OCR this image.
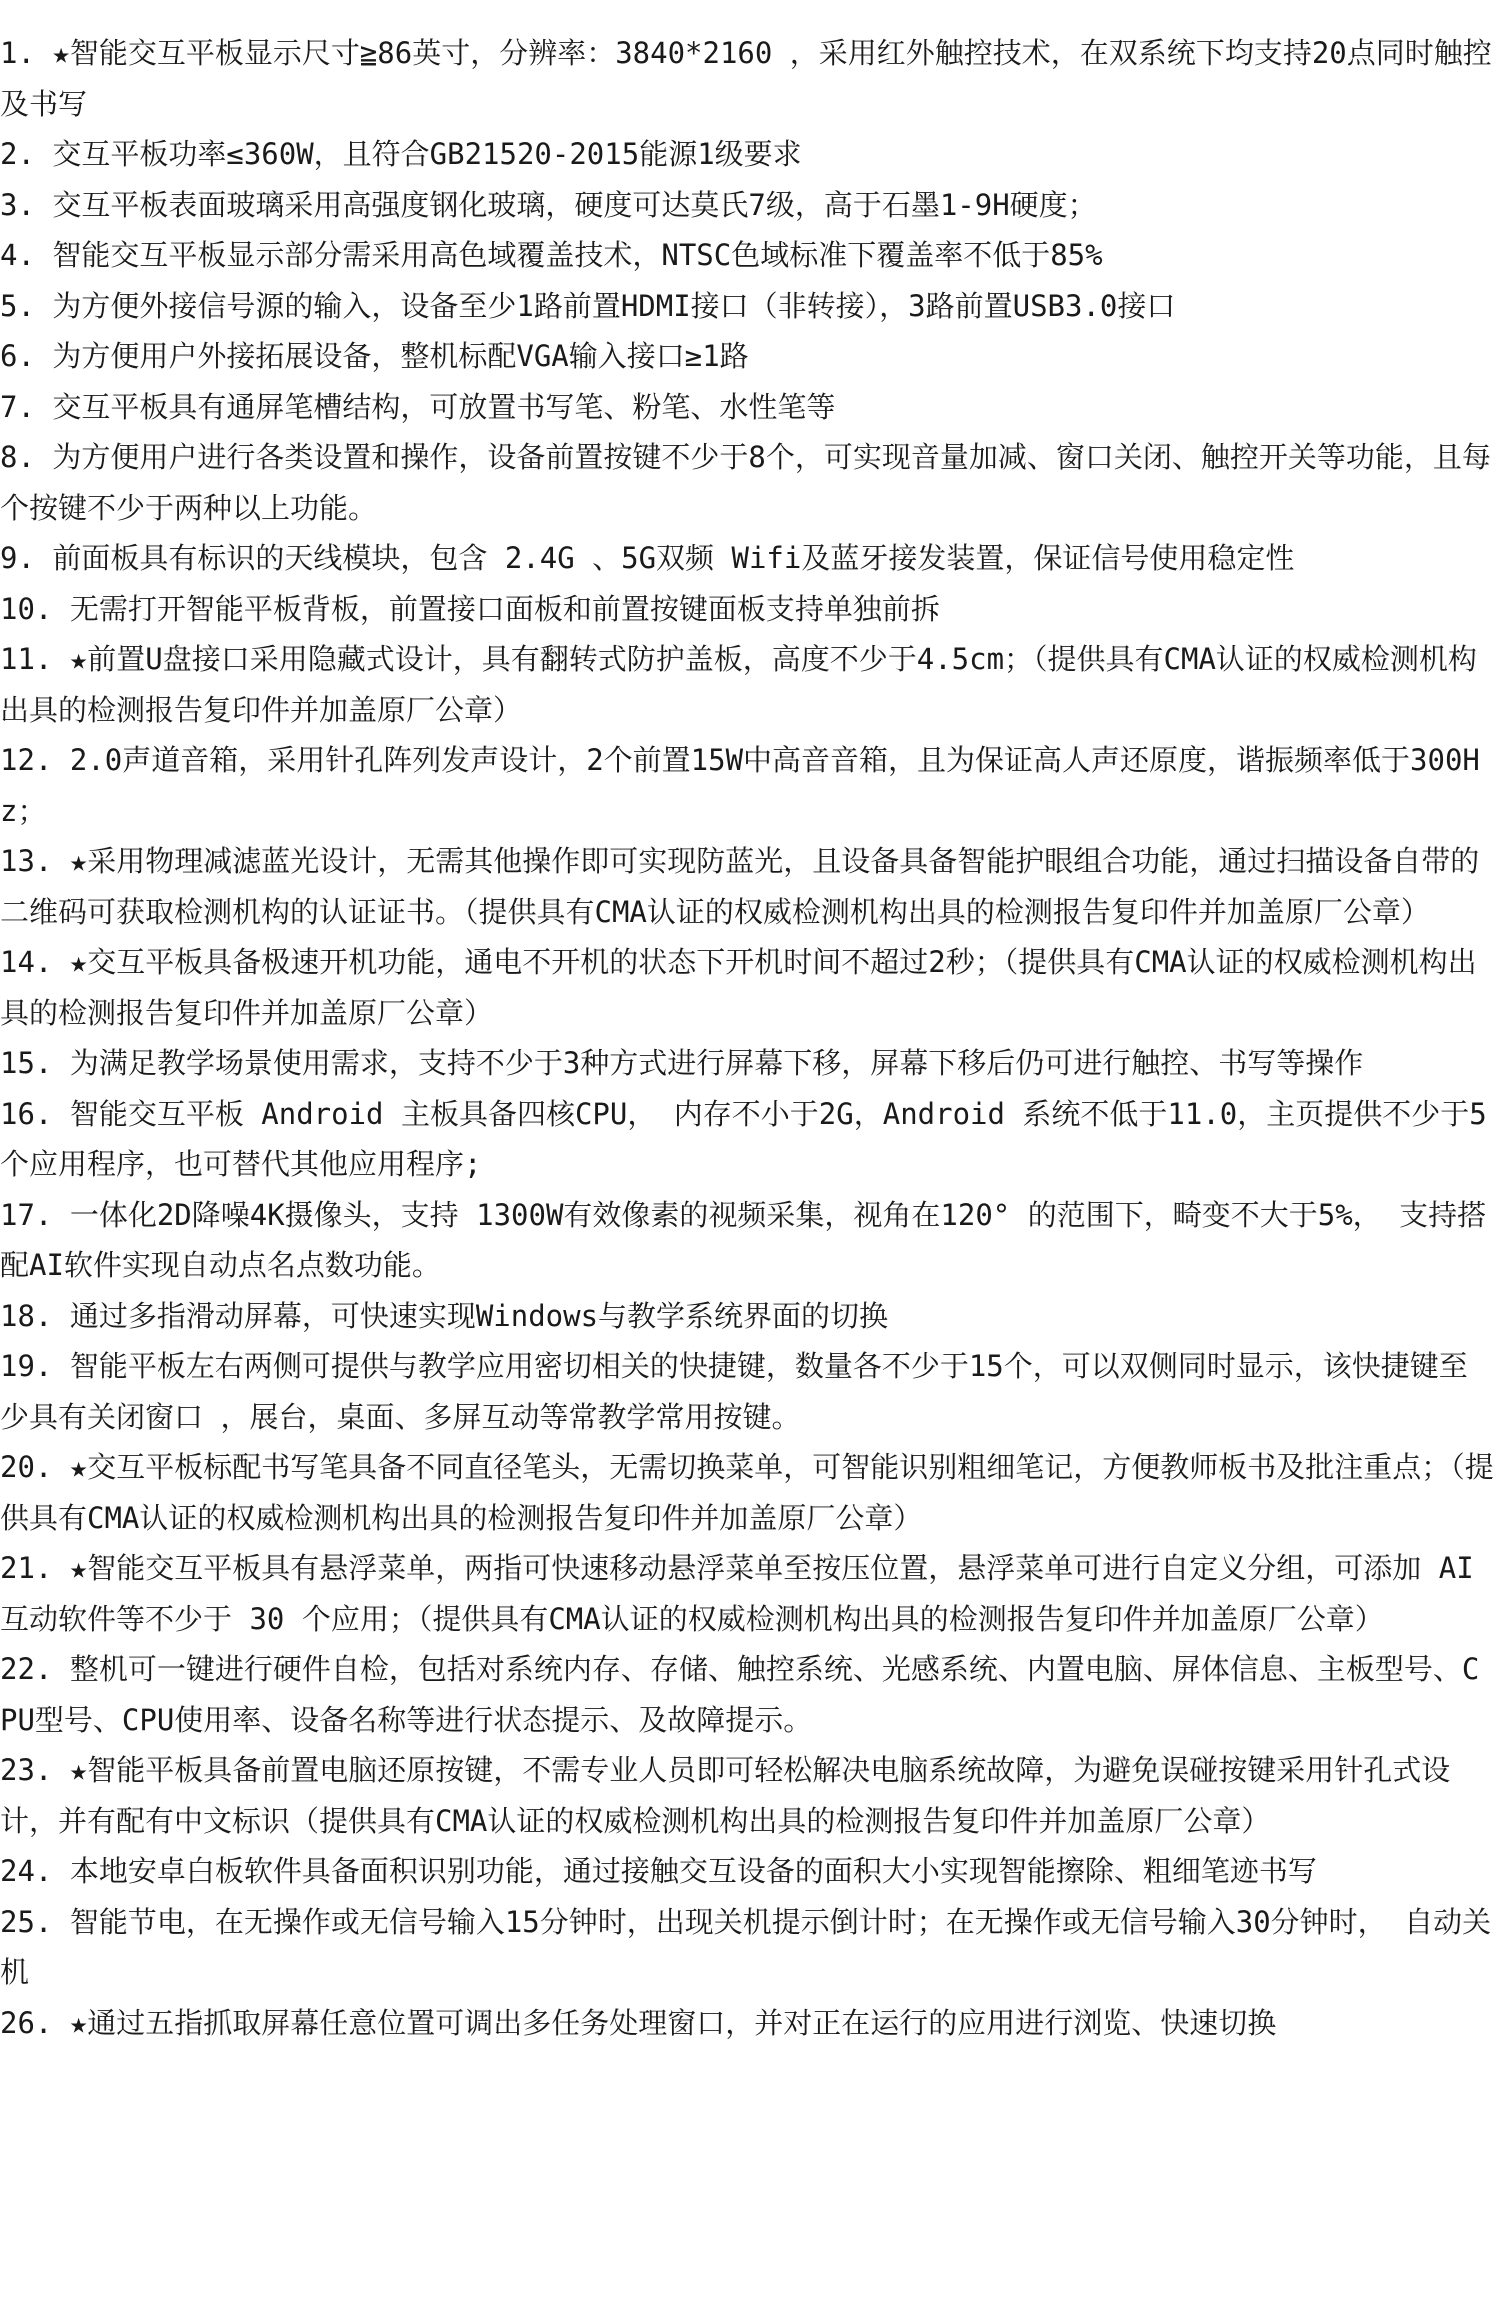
1. ★智能交互平板显示尺寸≧86英寸，分辨率：3840*2160 ，采用红外触控技术，在双系统下均支持20点同时触控及书写

2. 交互平板功率≤360W，且符合GB21520-2015能源1级要求

3. 交互平板表面玻璃采用高强度钢化玻璃，硬度可达莫氏7级，高于石墨1-9H硬度；

4. 智能交互平板显示部分需采用高色域覆盖技术，NTSC色域标准下覆盖率不低于85%

5. 为方便外接信号源的输入，设备至少1路前置HDMI接口（非转接），3路前置USB3.0接口

6. 为方便用户外接拓展设备，整机标配VGA输入接口≥1路

7. 交互平板具有通屏笔槽结构，可放置书写笔、粉笔、水性笔等

8. 为方便用户进行各类设置和操作，设备前置按键不少于8个，可实现音量加减、窗口关闭、触控开关等功能，且每个按键不少于两种以上功能。

9. 前面板具有标识的天线模块，包含 2.4G 、5G双频 Wifi及蓝牙接发装置，保证信号使用稳定性

10. 无需打开智能平板背板，前置接口面板和前置按键面板支持单独前拆

11. ★前置U盘接口采用隐藏式设计，具有翻转式防护盖板，高度不少于4.5cm；（提供具有CMA认证的权威检测机构出具的检测报告复印件并加盖原厂公章）

12. 2.0声道音箱，采用针孔阵列发声设计，2个前置15W中高音音箱，且为保证高人声还原度，谐振频率低于300Hz；

13. ★采用物理减滤蓝光设计，无需其他操作即可实现防蓝光，且设备具备智能护眼组合功能，通过扫描设备自带的二维码可获取检测机构的认证证书。（提供具有CMA认证的权威检测机构出具的检测报告复印件并加盖原厂公章）

14. ★交互平板具备极速开机功能，通电不开机的状态下开机时间不超过2秒；（提供具有CMA认证的权威检测机构出具的检测报告复印件并加盖原厂公章）

15. 为满足教学场景使用需求，支持不少于3种方式进行屏幕下移，屏幕下移后仍可进行触控、书写等操作

16. 智能交互平板 Android 主板具备四核CPU， 内存不小于2G，Android 系统不低于11.0，主页提供不少于5 个应用程序，也可替代其他应用程序;

17. 一体化2D降噪4K摄像头，支持 1300W有效像素的视频采集，视角在120° 的范围下，畸变不大于5%， 支持搭配AI软件实现自动点名点数功能。

18. 通过多指滑动屏幕，可快速实现Windows与教学系统界面的切换

19. 智能平板左右两侧可提供与教学应用密切相关的快捷键，数量各不少于15个，可以双侧同时显示，该快捷键至少具有关闭窗口 ，展台，桌面、多屏互动等常教学常用按键。

20. ★交互平板标配书写笔具备不同直径笔头，无需切换菜单，可智能识别粗细笔记，方便教师板书及批注重点；（提供具有CMA认证的权威检测机构出具的检测报告复印件并加盖原厂公章）

21. ★智能交互平板具有悬浮菜单，两指可快速移动悬浮菜单至按压位置，悬浮菜单可进行自定义分组，可添加 AI 互动软件等不少于 30 个应用；（提供具有CMA认证的权威检测机构出具的检测报告复印件并加盖原厂公章）

22. 整机可一键进行硬件自检，包括对系统内存、存储、触控系统、光感系统、内置电脑、屏体信息、主板型号、CPU型号、CPU使用率、设备名称等进行状态提示、及故障提示。

23. ★智能平板具备前置电脑还原按键，不需专业人员即可轻松解决电脑系统故障，为避免误碰按键采用针孔式设计，并有配有中文标识（提供具有CMA认证的权威检测机构出具的检测报告复印件并加盖原厂公章）

24. 本地安卓白板软件具备面积识别功能，通过接触交互设备的面积大小实现智能擦除、粗细笔迹书写

25. 智能节电，在无操作或无信号输入15分钟时，出现关机提示倒计时；在无操作或无信号输入30分钟时， 自动关机

26. ★通过五指抓取屏幕任意位置可调出多任务处理窗口，并对正在运行的应用进行浏览、快速切换
